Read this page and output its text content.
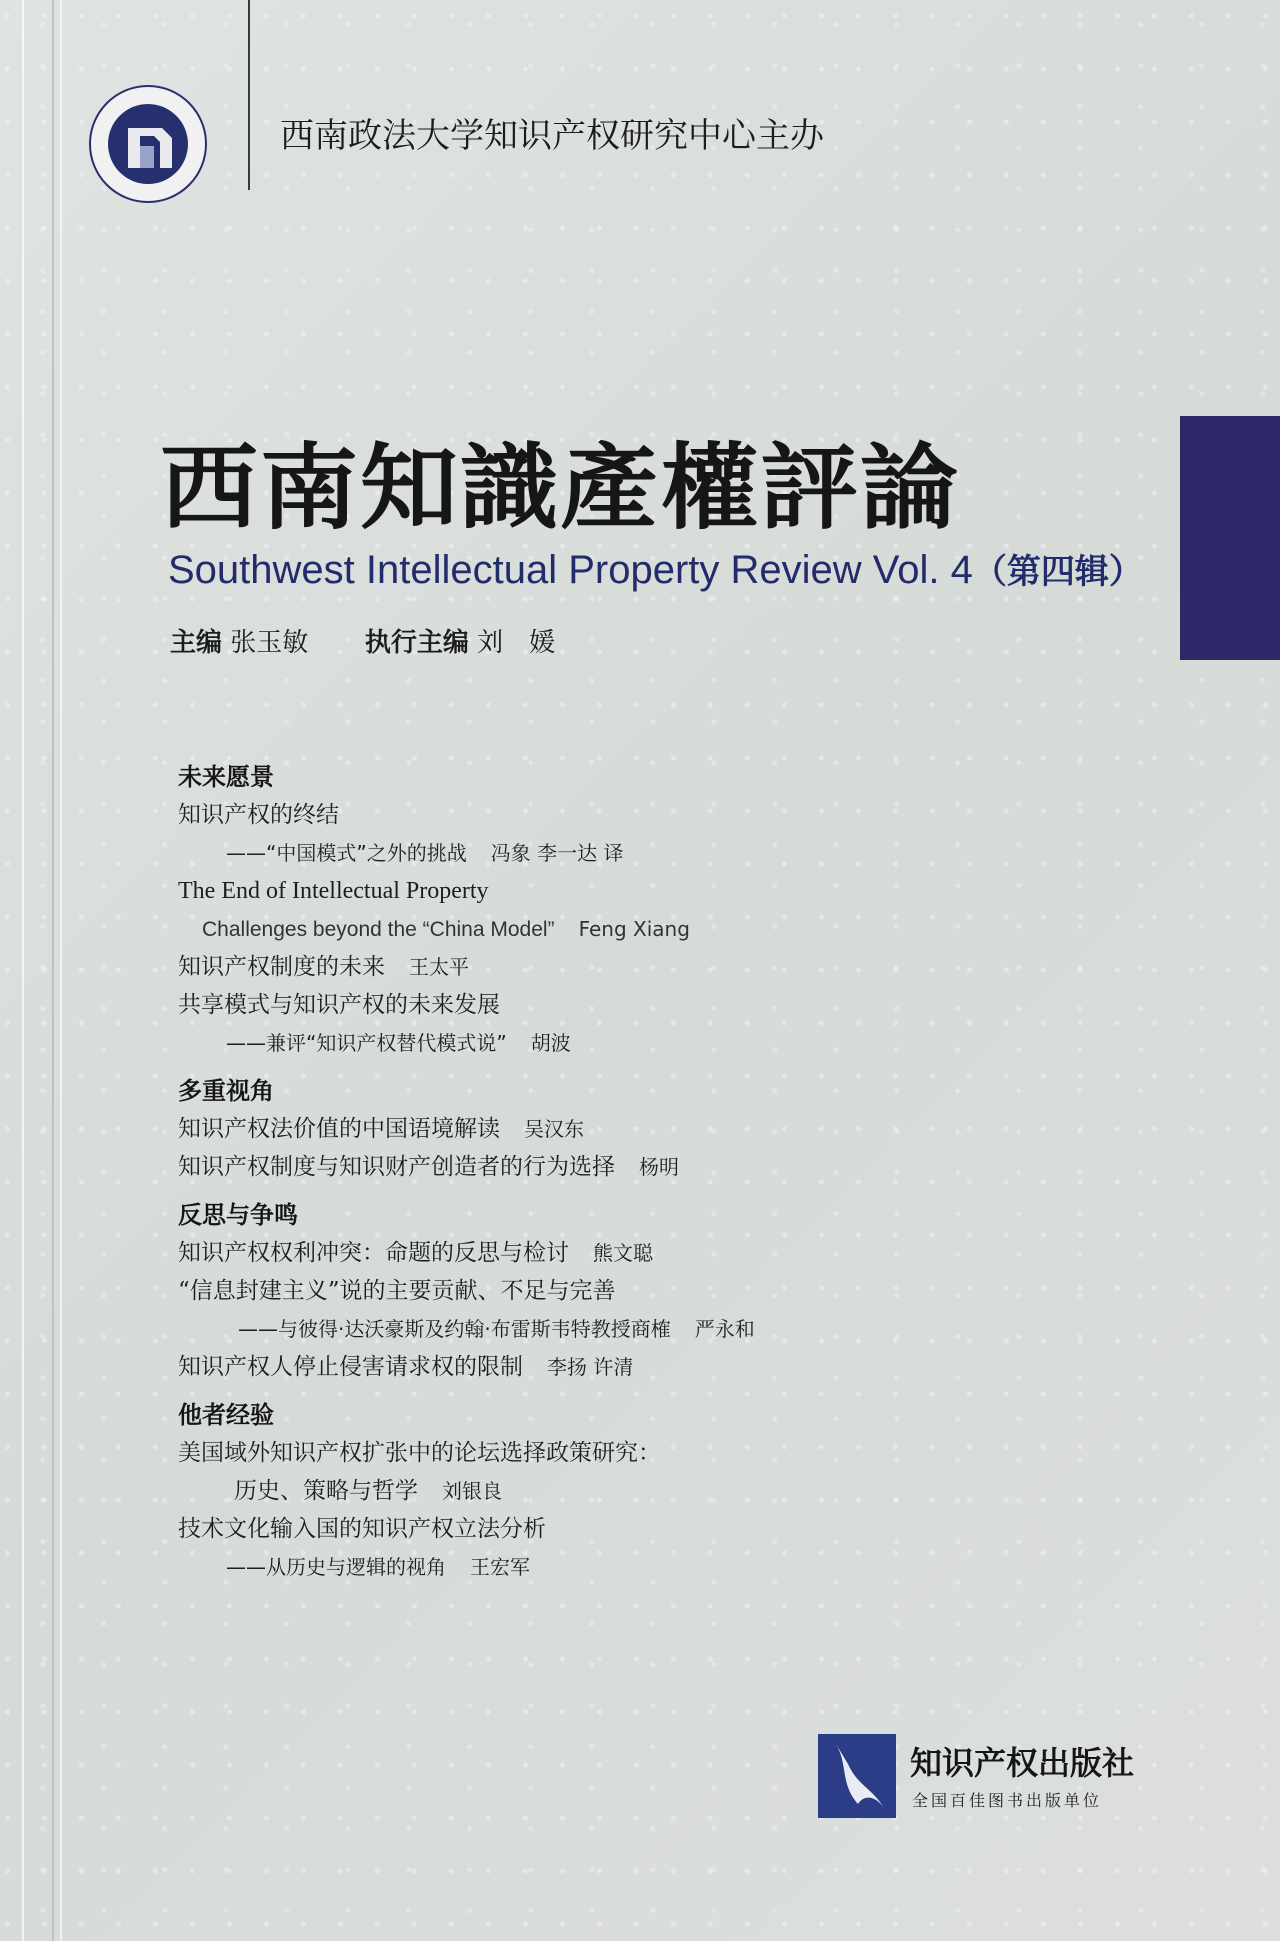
西南政法大学知识产权研究中心主办
西南知識產權評論
Southwest Intellectual Property Review Vol. 4（第四辑）
主编 张玉敏 执行主编 刘　媛
未来愿景
知识产权的终结
——“中国模式”之外的挑战 冯象 李一达 译
The End of Intellectual Property
Challenges beyond the “China Model” Feng Xiang
知识产权制度的未来 王太平
共享模式与知识产权的未来发展
——兼评“知识产权替代模式说” 胡波
多重视角
知识产权法价值的中国语境解读 吴汉东
知识产权制度与知识财产创造者的行为选择 杨明
反思与争鸣
知识产权权利冲突：命题的反思与检讨 熊文聪
“信息封建主义”说的主要贡献、不足与完善
——与彼得·达沃豪斯及约翰·布雷斯韦特教授商榷 严永和
知识产权人停止侵害请求权的限制 李扬 许清
他者经验
美国域外知识产权扩张中的论坛选择政策研究：
历史、策略与哲学 刘银良
技术文化输入国的知识产权立法分析
——从历史与逻辑的视角 王宏军
知识产权出版社
全国百佳图书出版单位
